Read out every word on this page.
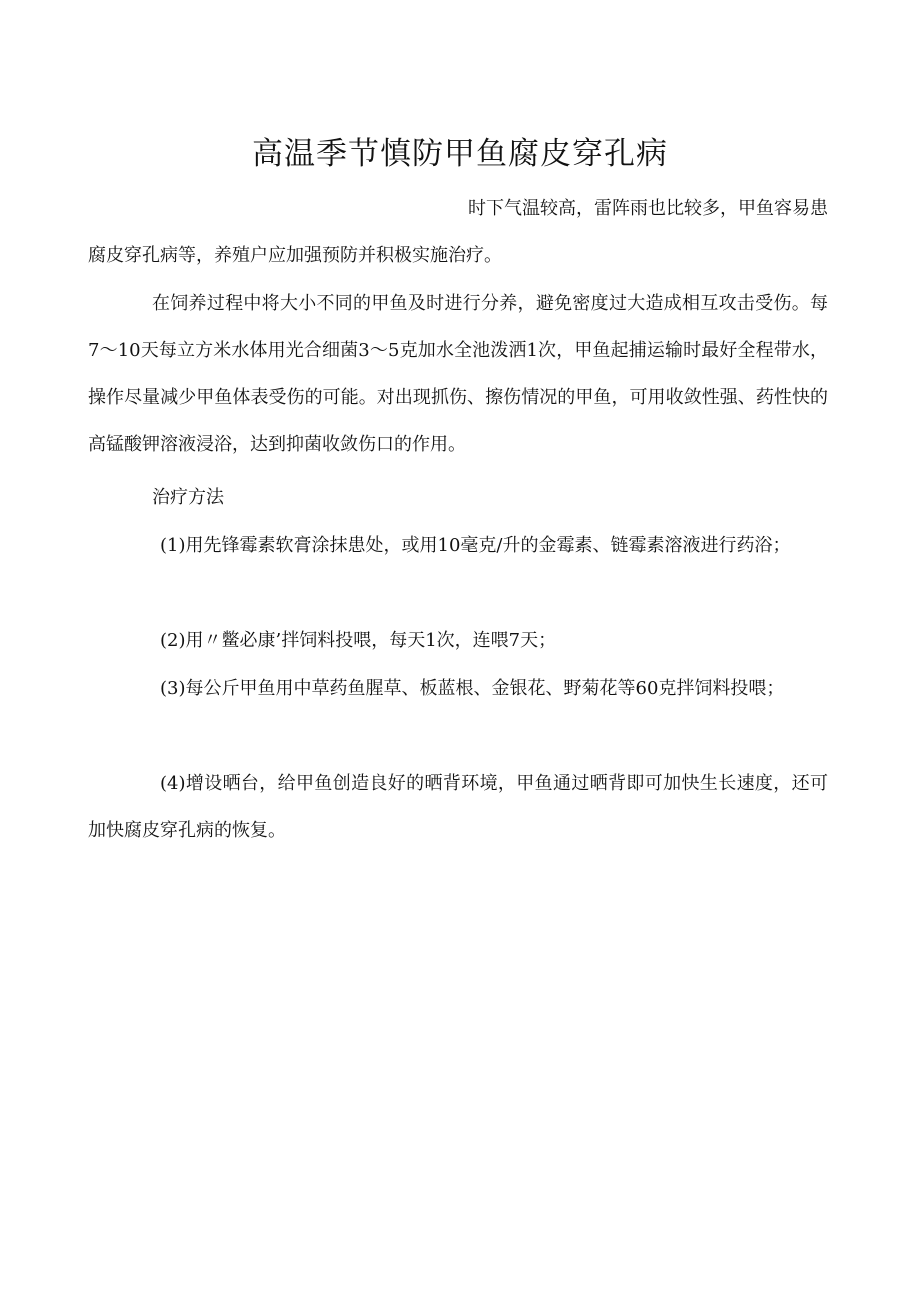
高温季节慎防甲鱼腐皮穿孔病

时下气温较高，雷阵雨也比较多，甲鱼容易患腐皮穿孔病等，养殖户应加强预防并积极实施治疗。

在饲养过程中将大小不同的甲鱼及时进行分养，避免密度过大造成相互攻击受伤。每7～10天每立方米水体用光合细菌3～5克加水全池泼洒1次，甲鱼起捕运输时最好全程带水，操作尽量减少甲鱼体表受伤的可能。对出现抓伤、擦伤情况的甲鱼，可用收敛性强、药性快的高锰酸钾溶液浸浴，达到抑菌收敛伤口的作用。

治疗方法

(1)用先锋霉素软膏涂抹患处，或用10毫克/升的金霉素、链霉素溶液进行药浴；

(2)用〃鳖必康’拌饲料投喂，每天1次，连喂7天；

(3)每公斤甲鱼用中草药鱼腥草、板蓝根、金银花、野菊花等60克拌饲料投喂；

(4)增设晒台，给甲鱼创造良好的晒背环境，甲鱼通过晒背即可加快生长速度，还可加快腐皮穿孔病的恢复。
